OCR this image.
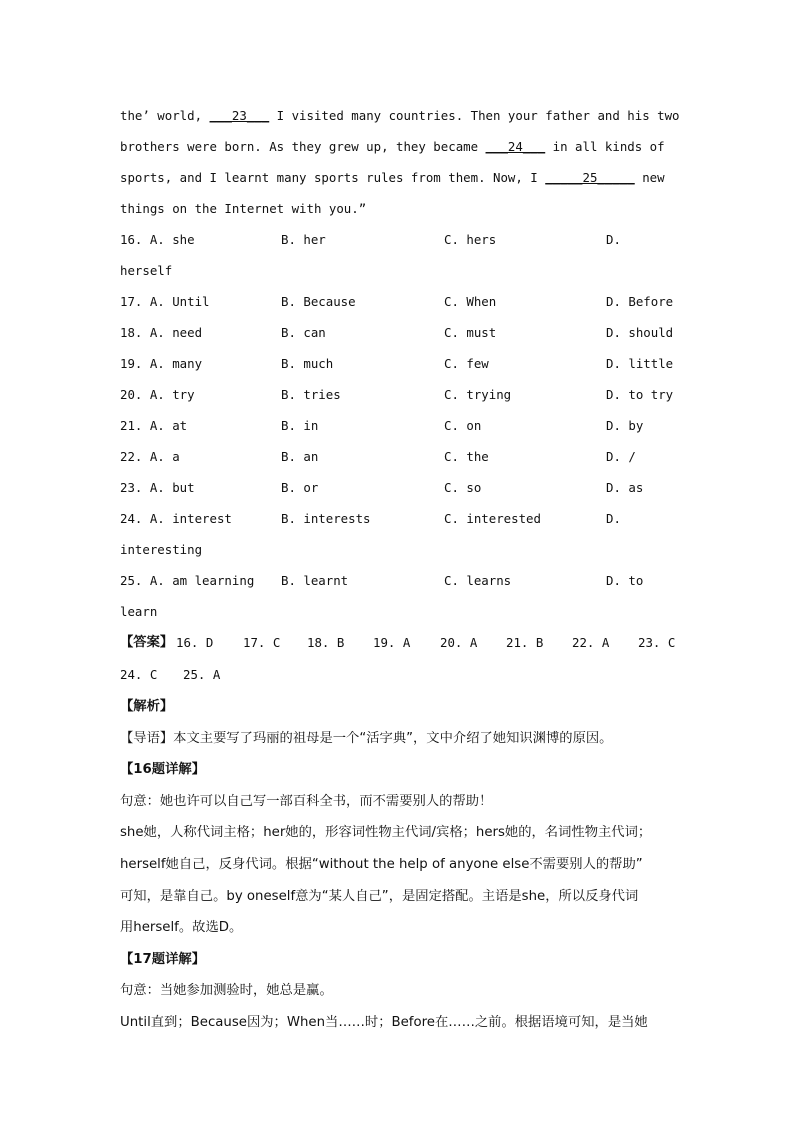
the’ world, ___23___ I visited many countries. Then your father and his two
brothers were born. As they grew up, they became ___24___ in all kinds of
sports, and I learnt many sports rules from them. Now, I _____25_____ new
things on the Internet with you.”
16. A. she	B. her	C. hers	D.
herself
17. A. Until	B. Because	C. When	D. Before
18. A. need	B. can	C. must	D. should
19. A. many	B. much	C. few	D. little
20. A. try	B. tries	C. trying	D. to try
21. A. at	B. in	C. on	D. by
22. A. a	B. an	C. the	D. /
23. A. but	B. or	C. so	D. as
24. A. interest	B. interests	C. interested	D.
interesting
25. A. am learning B. learnt	C. learns	D. to
learn
【答案】 16. D 17. C 18. B 19. A 20. A 21. B 22. A 23. C
24. C 25. A
【解析】
【导语】本文主要写了玛丽的祖母是一个“活字典”，文中介绍了她知识渊博的原因。
【16题详解】
句意：她也许可以自己写一部百科全书，而不需要别人的帮助！
she她，人称代词主格；her她的，形容词性物主代词/宾格；hers她的，名词性物主代词；
herself她自己，反身代词。根据“without the help of anyone else不需要别人的帮助”
可知，是靠自己。by oneself意为“某人自己”，是固定搭配。主语是she，所以反身代词
用herself。故选D。
【17题详解】
句意：当她参加测验时，她总是赢。
Until直到；Because因为；When当……时；Before在……之前。根据语境可知，是当她
